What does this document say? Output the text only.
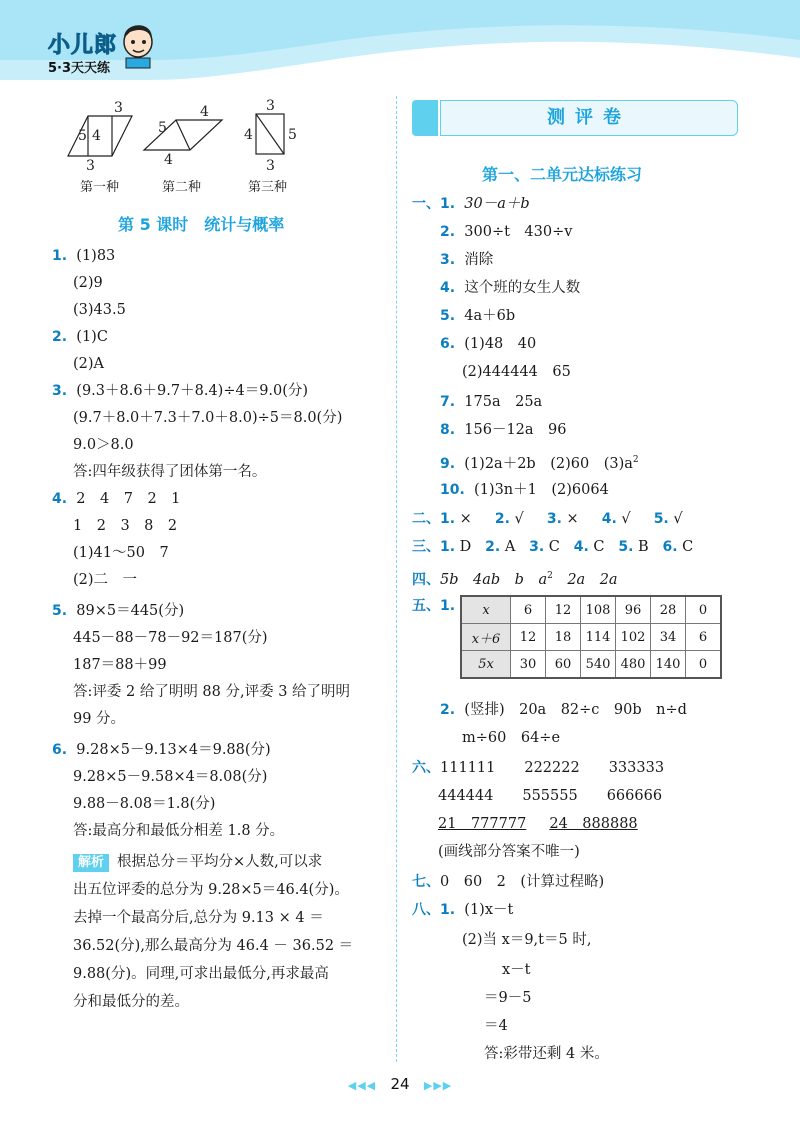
小儿郎
5·3天天练
3
5 4
3
4
5
4
3
4	5
3
第一种	第二种	第三种
第 5 课时　统计与概率
1. (1)83
(2)9
(3)43.5
2. (1)C
(2)A
3. (9.3＋8.6＋9.7＋8.4)÷4＝9.0(分)
(9.7＋8.0＋7.3＋7.0＋8.0)÷5＝8.0(分)
9.0＞8.0
答:四年级获得了团体第一名。
4. 2　4　7　2　1
1　2　3　8　2
(1)41～50　7
(2)二　一
5. 89×5＝445(分)
445－88－78－92＝187(分)
187＝88＋99
答:评委 2 给了明明 88 分,评委 3 给了明明
99 分。
6. 9.28×5－9.13×4＝9.88(分)
9.28×5－9.58×4＝8.08(分)
9.88－8.08＝1.8(分)
答:最高分和最低分相差 1.8 分。
解析 根据总分＝平均分×人数,可以求
出五位评委的总分为 9.28×5＝46.4(分)。
去掉一个最高分后,总分为 9.13 × 4 ＝
36.52(分),那么最高分为 46.4 － 36.52 ＝
9.88(分)。同理,可求出最低分,再求最高
分和最低分的差。
测评卷
第一、二单元达标练习
一、1. 30－a＋b
2. 300÷t　430÷v
3. 消除
4. 这个班的女生人数
5. 4a＋6b
6. (1)48　40
(2)444444　65
7. 175a　25a
8. 156－12a　96
9. (1)2a＋2b　(2)60　$(3)a^2$
10. (1)3n＋1　(2)6064
二、1. × 2. √ 3. × 4. √ 5. √
三、1. D 2. A 3. C 4. C 5. B 6. C
四、5b　4ab　b　$a^2$　2a　2a
五、1. x	6	12	108	96	28	0
x＋6	12	18	114	102	34	6
5x	30	60	540	480	140	0
2. (竖排)　20a　82÷c　90b　n÷d
m÷60　64÷e
六、111111　　222222　　333333
444444　　555555　　666666
21　777777 24　888888
(画线部分答案不唯一)
七、0　60　2　(计算过程略)
八、1. (1)x－t
(2)当 x＝9,t＝5 时,
x－t
＝9－5
＝4
答:彩带还剩 4 米。
◀◀◀ 24 ▶▶▶
